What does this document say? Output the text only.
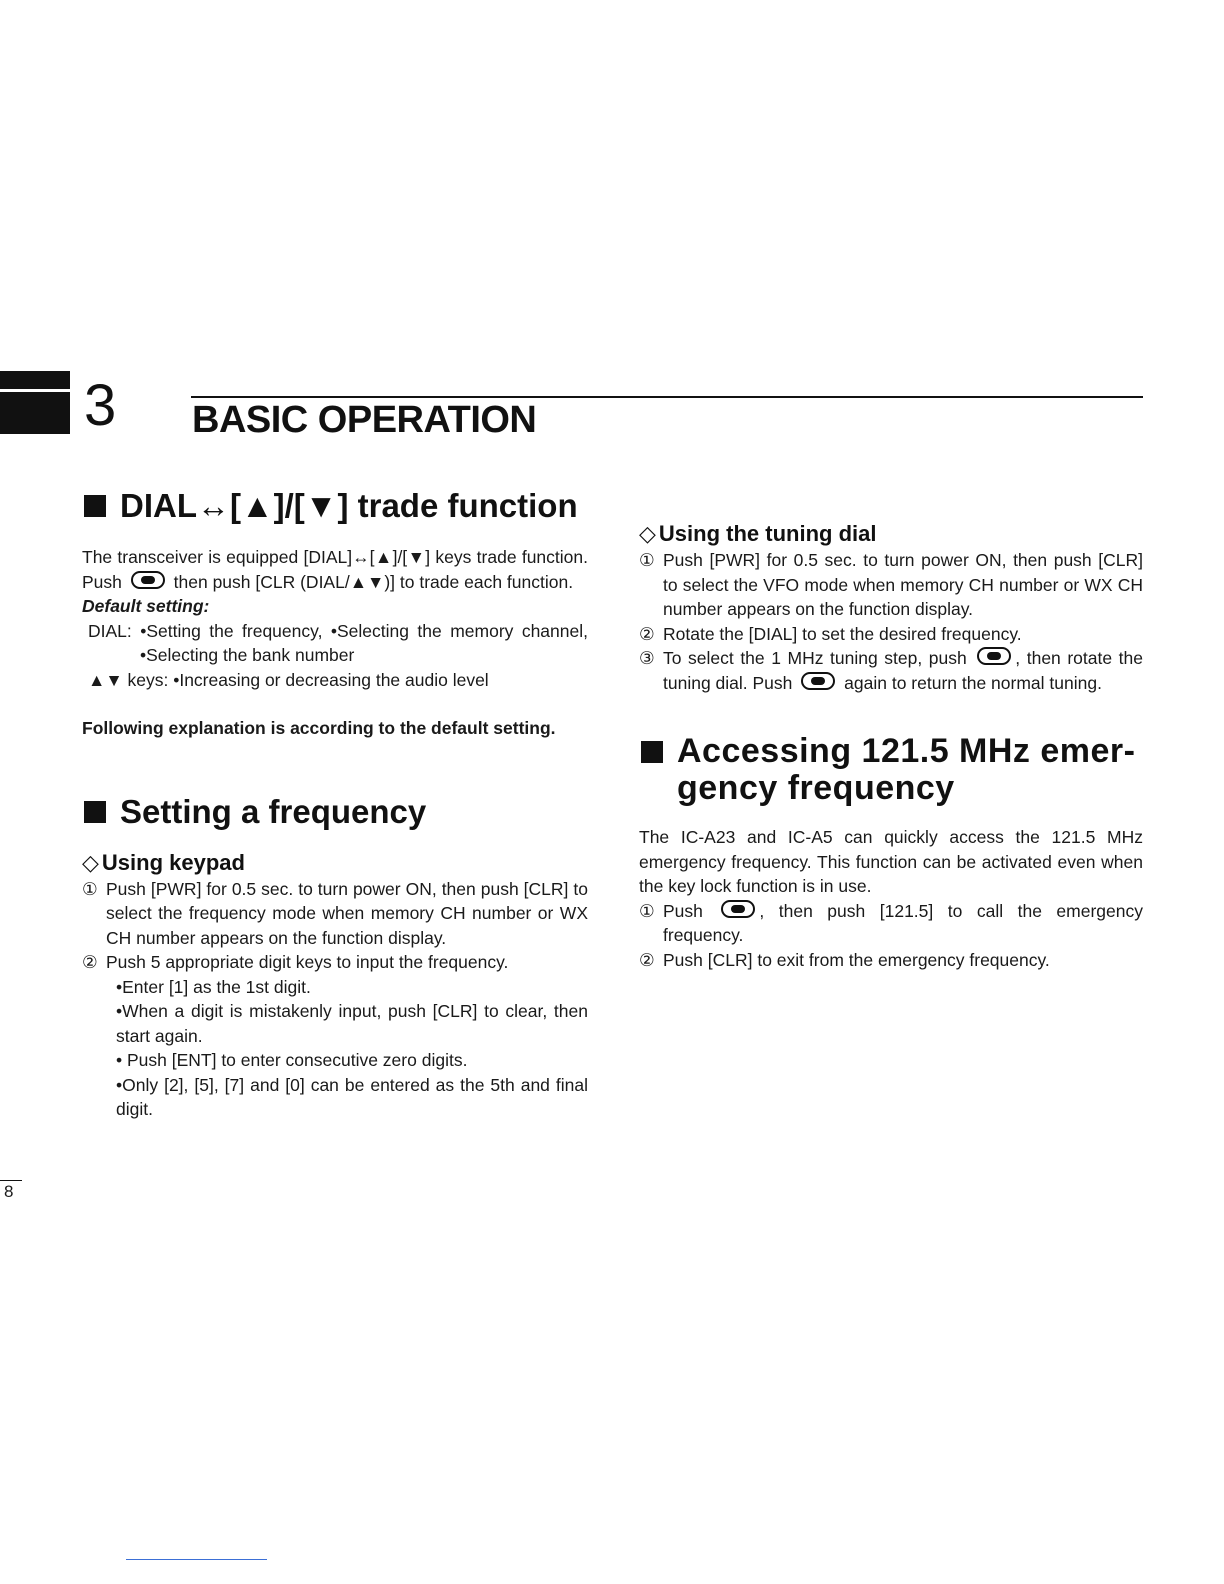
3 BASIC OPERATION
DIAL↔[▲]/[▼] trade function

The transceiver is equipped [DIAL]↔[▲]/[▼] keys trade function. Push	then push [CLR (DIAL/▲▼)] to trade each function.

Default setting:
DIAL: •Setting the frequency, •Selecting the memory channel, •Selecting the bank number
▲▼ keys: •Increasing or decreasing the audio level
Following explanation is according to the default setting.
Setting a frequency
◇ Using keypad
① Push [PWR] for 0.5 sec. to turn power ON, then push [CLR] to select the frequency mode when memory CH number or WX CH number appears on the function display.
② Push 5 appropriate digit keys to input the frequency.
•Enter [1] as the 1st digit.
•When a digit is mistakenly input, push [CLR] to clear, then start again.
• Push [ENT] to enter consecutive zero digits.
•Only [2], [5], [7] and [0] can be entered as the 5th and final digit.
◇ Using the tuning dial
① Push [PWR] for 0.5 sec. to turn power ON, then push [CLR] to select the VFO mode when memory CH number or WX CH number appears on the function display.
② Rotate the [DIAL] to set the desired frequency.
③ To select the 1 MHz tuning step, push	, then rotate the tuning dial. Push	again to return the normal tuning.
Accessing 121.5 MHz emer-
gency frequency

The IC-A23 and IC-A5 can quickly access the 121.5 MHz emergency frequency. This function can be activated even when the key lock function is in use.

① Push	, then push [121.5] to call the emergency frequency.
② Push [CLR] to exit from the emergency frequency.
8
